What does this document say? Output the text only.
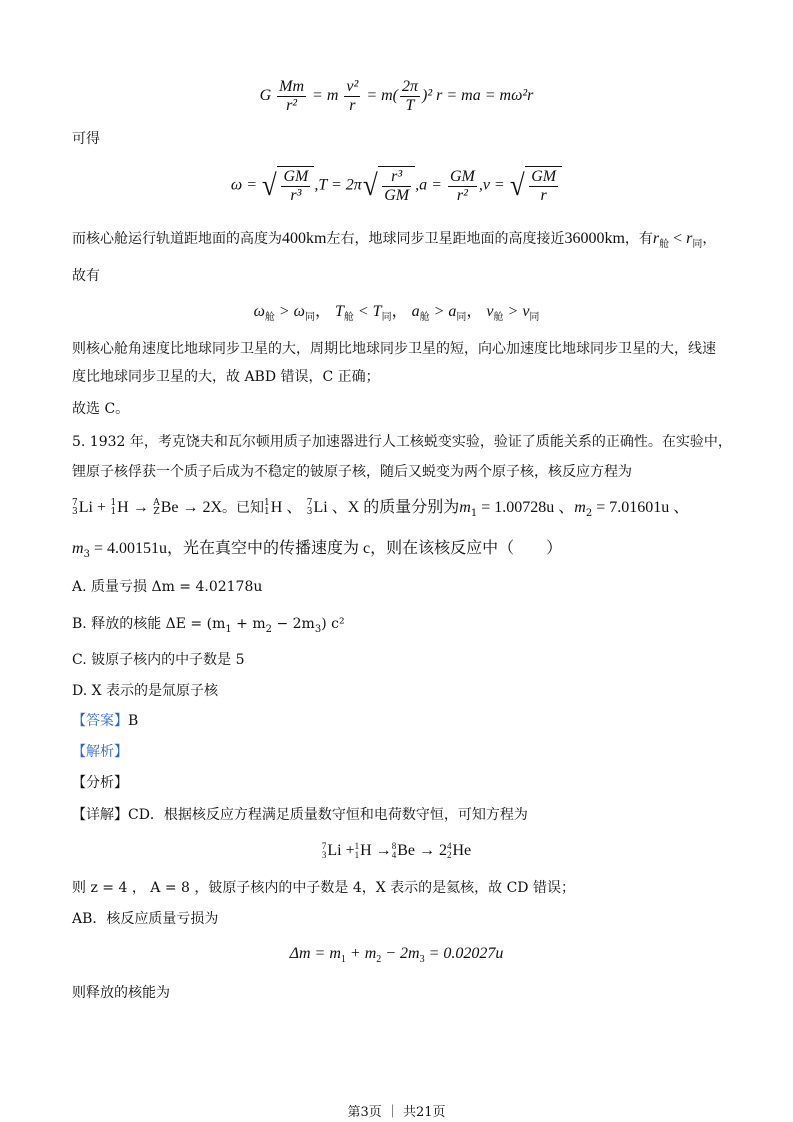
G $\frac{Mm}{\text{r²}} = m \frac{\text{v²}}{r} = m( \frac{2\pi}{T} )^2$ r = ma = mω²r
可得
ω = √ $\frac{GM}{\text{r³}} ,T = 2\pi$ √ $\frac{\text{r³}}{GM} ,a = \frac{GM}{\text{r²}} ,v$ = √ $\frac{GM}{r}$
而核心舱运行轨道距地面的高度为400km左右，地球同步卫星距地面的高度接近36000km，有$r_舱 < r_同$，
故有
$\omega_舱 > \omega_同$， $T_舱 < T_同$， $a_舱 > a_同$， $v_舱 > v_同$
则核心舱角速度比地球同步卫星的大，周期比地球同步卫星的短，向心加速度比地球同步卫星的大，线速
度比地球同步卫星的大，故 ABD 错误，C 正确；
故选 C。
5. 1932 年，考克饶夫和瓦尔顿用质子加速器进行人工核蜕变实验，验证了质能关系的正确性。在实验中，
锂原子核俘获一个质子后成为不稳定的铍原子核，随后又蜕变为两个原子核，核反应方程为
7
3 Li + 1
1 H → A
Z Be → 2X。已知 1
1 H 、 7
3 Li 、X 的质量分别为$m_1 = 1.00728u$ 、$m_2 = 7.01601u$ 、
$m_3 = 4.00151u$，光在真空中的传播速度为 c，则在该核反应中（　　）
A. 质量亏损 Δm = 4.02178u
B. 释放的核能 $\Delta E = (m_1 + m_2 - 2m_3)$ c²
C. 铍原子核内的中子数是 5
D. X 表示的是氚原子核
【答案】B
【解析】
【分析】
【详解】CD．根据核反应方程满足质量数守恒和电荷数守恒，可知方程为
7
3 Li + 1
1 H → 8
4 Be → 2 4
2 He
则 z = 4 ， A = 8 ，铍原子核内的中子数是 4，X 表示的是氦核，故 CD 错误；
AB．核反应质量亏损为
$\Delta m = m_1 + m_2 - 2m_3 = 0.02027u$
则释放的核能为
第3页 ｜ 共21页
